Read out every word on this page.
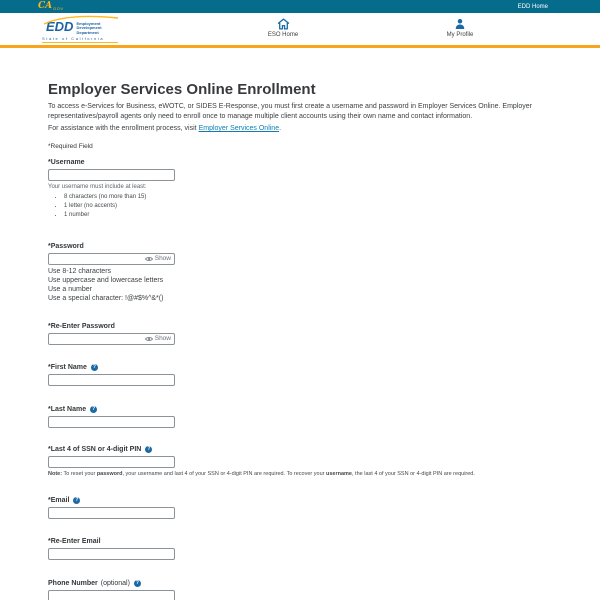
CA GOV	EDD Home
EDD Employment
Development
Department
State of California
ESO Home	My Profile
Employer Services Online Enrollment

To access e-Services for Business, eWOTC, or SIDES E-Response, you must first create a username and password in Employer Services Online. Employer representatives/payroll agents only need to enroll once to manage multiple client accounts using their own name and contact information.

For assistance with the enrollment process, visit Employer Services Online.

*Required Field

*Username
Your username must include at least:
• 8 characters (no more than 15)
• 1 letter (no accents)
• 1 number
*Password
Show
Use 8-12 characters
Use uppercase and lowercase letters
Use a number
Use a special character: !@#$%^&*()
*Re-Enter Password
Show
*First Name	?
*Last Name	?
*Last 4 of SSN or 4-digit PIN	?
Note: To reset your password, your username and last 4 of your SSN or 4-digit PIN are required. To recover your username, the last 4 of your SSN or 4-digit PIN are required.
*Email	?
*Re-Enter Email
Phone Number (optional)	?
